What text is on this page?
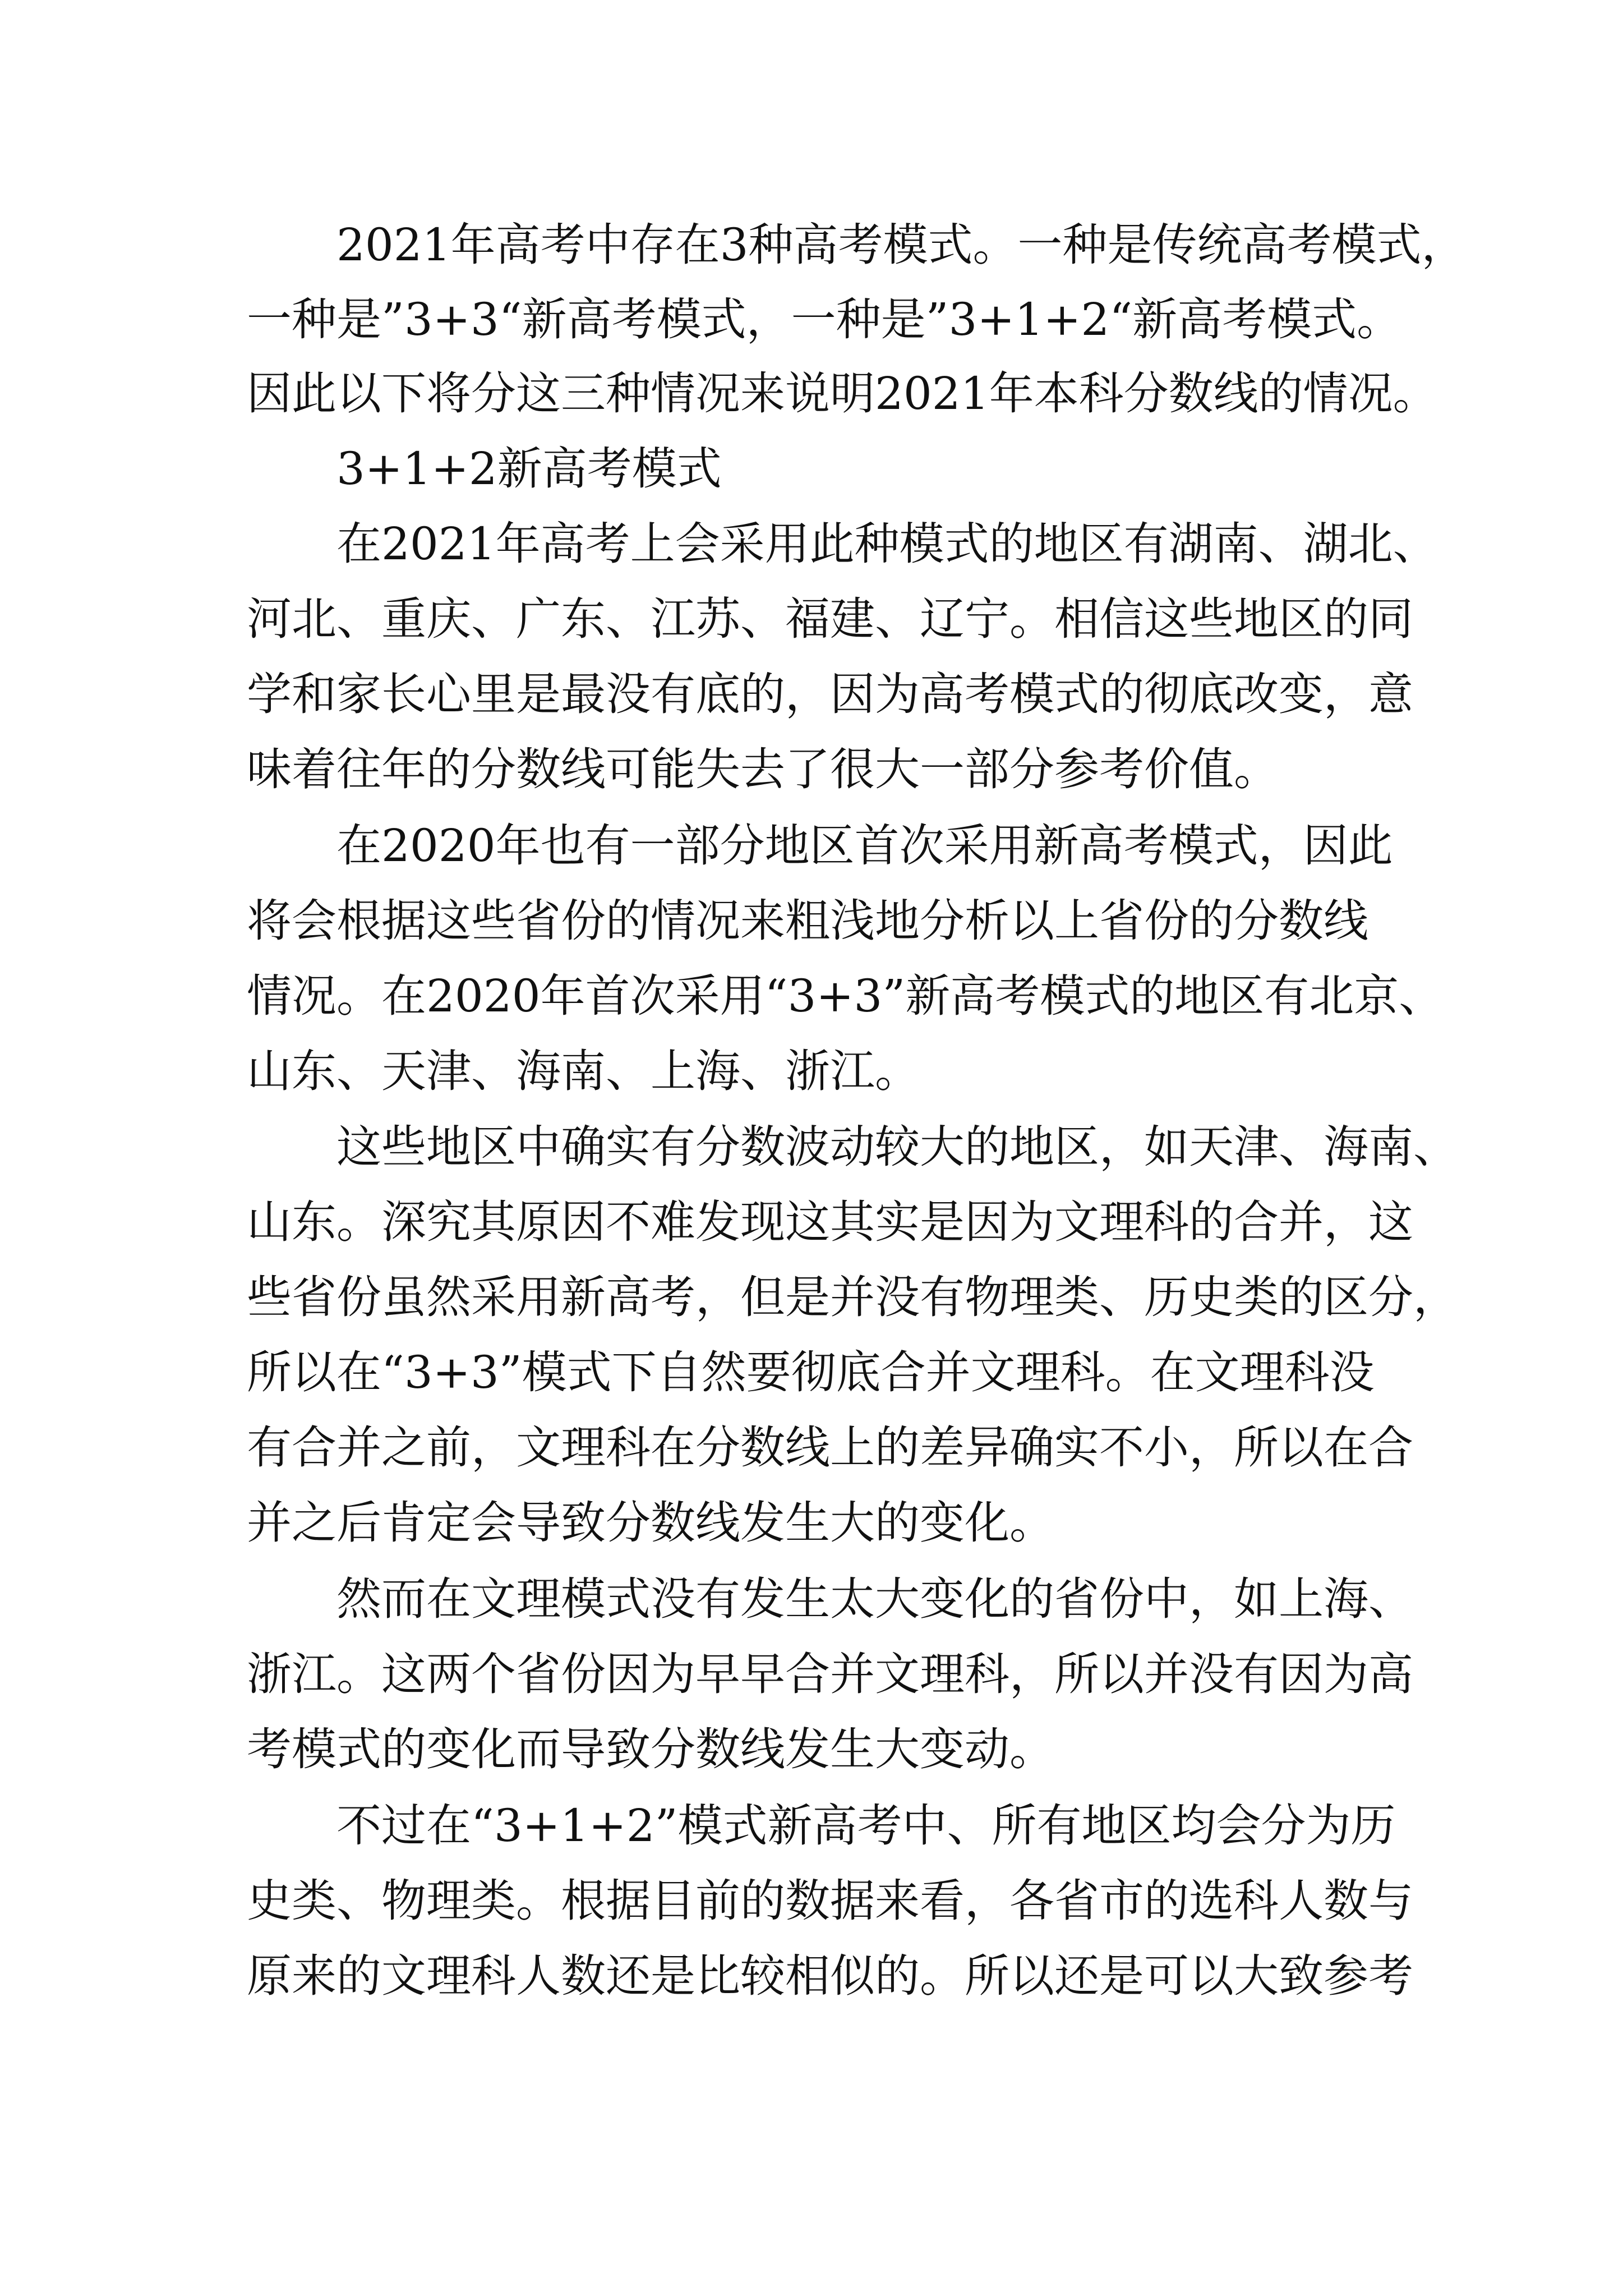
2021年高考中存在3种高考模式。一种是传统高考模式，

一种是”3+3“新高考模式，一种是”3+1+2“新高考模式。

因此以下将分这三种情况来说明2021年本科分数线的情况。

3+1+2新高考模式

在2021年高考上会采用此种模式的地区有湖南、湖北、

河北、重庆、广东、江苏、福建、辽宁。相信这些地区的同

学和家长心里是最没有底的，因为高考模式的彻底改变，意

味着往年的分数线可能失去了很大一部分参考价值。

在2020年也有一部分地区首次采用新高考模式，因此

将会根据这些省份的情况来粗浅地分析以上省份的分数线

情况。在2020年首次采用“3+3”新高考模式的地区有北京、

山东、天津、海南、上海、浙江。

这些地区中确实有分数波动较大的地区，如天津、海南、

山东。深究其原因不难发现这其实是因为文理科的合并，这

些省份虽然采用新高考，但是并没有物理类、历史类的区分，

所以在“3+3”模式下自然要彻底合并文理科。在文理科没

有合并之前，文理科在分数线上的差异确实不小，所以在合

并之后肯定会导致分数线发生大的变化。

然而在文理模式没有发生太大变化的省份中，如上海、

浙江。这两个省份因为早早合并文理科，所以并没有因为高

考模式的变化而导致分数线发生大变动。

不过在“3+1+2”模式新高考中、所有地区均会分为历

史类、物理类。根据目前的数据来看，各省市的选科人数与

原来的文理科人数还是比较相似的。所以还是可以大致参考
